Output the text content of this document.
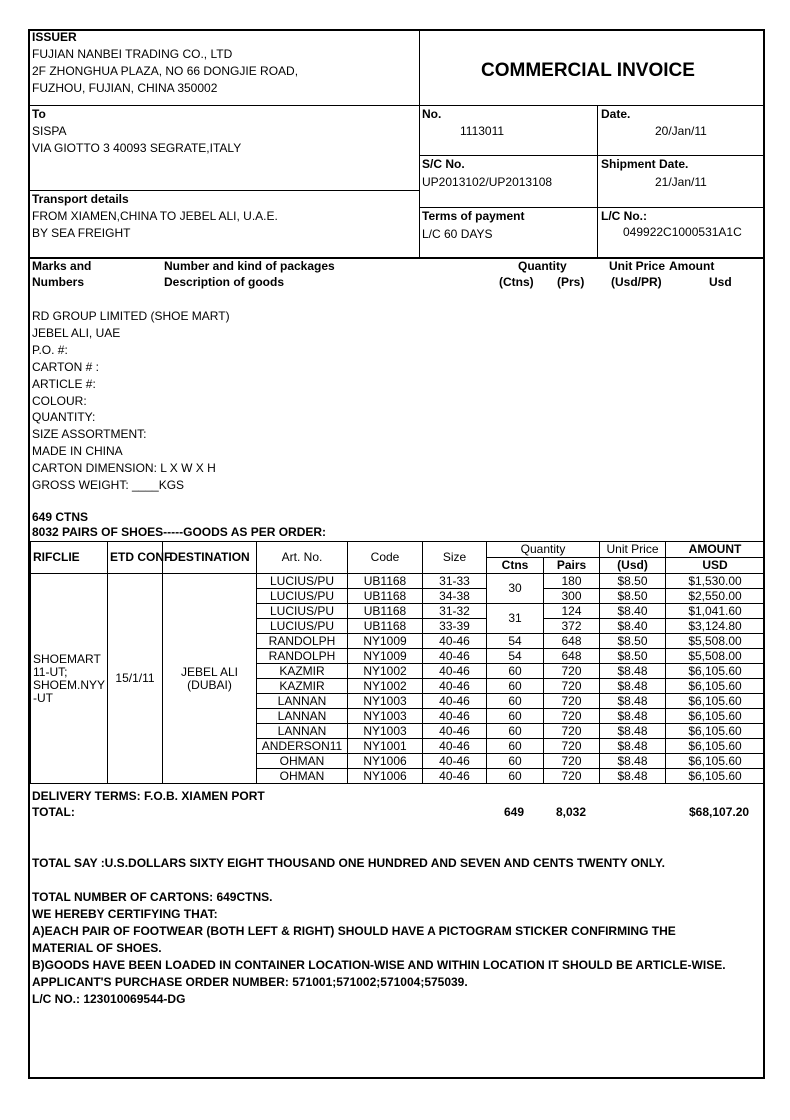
ISSUER
FUJIAN NANBEI TRADING CO., LTD
2F ZHONGHUA PLAZA, NO 66 DONGJIE ROAD,
FUZHOU, FUJIAN, CHINA 350002
COMMERCIAL INVOICE
To
SISPA
VIA GIOTTO 3 40093 SEGRATE,ITALY
No.
1113011
Date.
20/Jan/11
S/C No.
UP2013102/UP2013108
Shipment Date.
21/Jan/11
Transport details
FROM XIAMEN,CHINA TO JEBEL ALI, U.A.E.
BY SEA FREIGHT
Terms of payment
L/C 60 DAYS
L/C No.:
049922C1000531A1C
Marks and
Numbers
Number and kind of packages
Description of goods
Quantity
(Ctns) (Prs)
Unit Price
(Usd/PR)
Amount
Usd
RD GROUP LIMITED (SHOE MART)
JEBEL ALI, UAE
P.O. #:
CARTON # :
ARTICLE #:
COLOUR:
QUANTITY:
SIZE ASSORTMENT:
MADE IN CHINA
CARTON DIMENSION: L X W X H
GROSS WEIGHT: ____KGS
649 CTNS
8032 PAIRS OF SHOES-----GOODS AS PER ORDER:
RIFCLIE	ETD CONF	DESTINATION	Art. No.	Code	Size	Quantity		Unit Price	AMOUNT
						Ctns	Pairs	(Usd)	USD
SHOEMART 11-UT; SHOEM.NYY -UT	15/1/11	JEBEL ALI (DUBAI)	LUCIUS/PU	UB1168	31-33	30	180	$8.50	$1,530.00
			LUCIUS/PU	UB1168	34-38		300	$8.50	$2,550.00
			LUCIUS/PU	UB1168	31-32	31	124	$8.40	$1,041.60
			LUCIUS/PU	UB1168	33-39		372	$8.40	$3,124.80
			RANDOLPH	NY1009	40-46	54	648	$8.50	$5,508.00
			RANDOLPH	NY1009	40-46	54	648	$8.50	$5,508.00
			KAZMIR	NY1002	40-46	60	720	$8.48	$6,105.60
			KAZMIR	NY1002	40-46	60	720	$8.48	$6,105.60
			LANNAN	NY1003	40-46	60	720	$8.48	$6,105.60
			LANNAN	NY1003	40-46	60	720	$8.48	$6,105.60
			LANNAN	NY1003	40-46	60	720	$8.48	$6,105.60
			ANDERSON11	NY1001	40-46	60	720	$8.48	$6,105.60
			OHMAN	NY1006	40-46	60	720	$8.48	$6,105.60
			OHMAN	NY1006	40-46	60	720	$8.48	$6,105.60
DELIVERY TERMS: F.O.B. XIAMEN PORT
TOTAL:	649	8,032	$68,107.20
TOTAL SAY :U.S.DOLLARS SIXTY EIGHT THOUSAND ONE HUNDRED AND SEVEN AND CENTS TWENTY ONLY.
TOTAL NUMBER OF CARTONS: 649CTNS.
WE HEREBY CERTIFYING THAT:
A)EACH PAIR OF FOOTWEAR (BOTH LEFT & RIGHT) SHOULD HAVE A PICTOGRAM STICKER CONFIRMING THE
MATERIAL OF SHOES.
B)GOODS HAVE BEEN LOADED IN CONTAINER LOCATION-WISE AND WITHIN LOCATION IT SHOULD BE ARTICLE-WISE.
APPLICANT'S PURCHASE ORDER NUMBER: 571001;571002;571004;575039.
L/C NO.: 123010069544-DG
